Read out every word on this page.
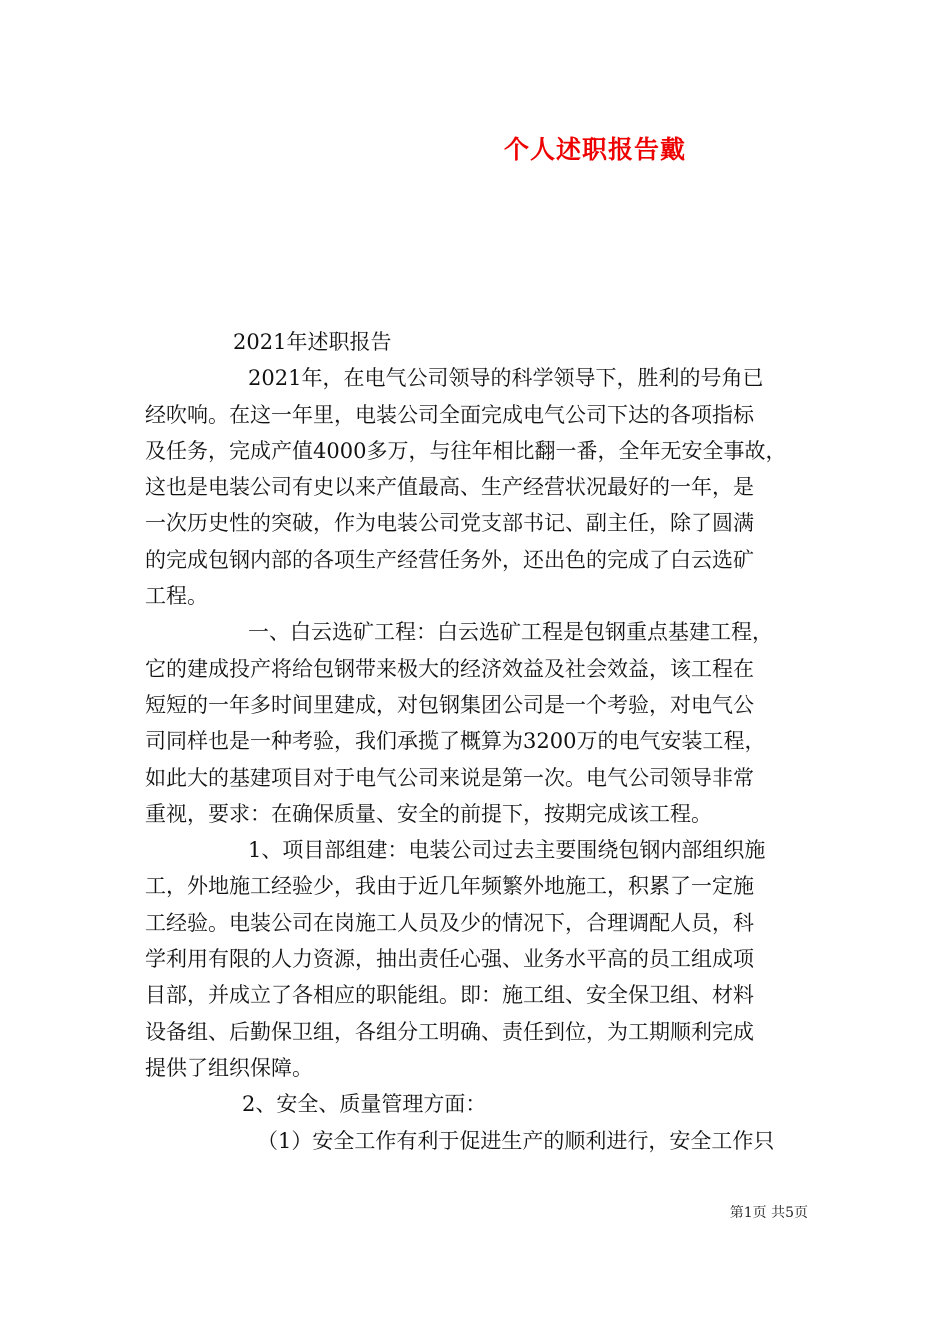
个人述职报告戴
2021年述职报告
2021年，在电气公司领导的科学领导下，胜利的号角已
经吹响。在这一年里，电装公司全面完成电气公司下达的各项指标
及任务，完成产值4000多万，与往年相比翻一番，全年无安全事故，
这也是电装公司有史以来产值最高、生产经营状况最好的一年，是
一次历史性的突破，作为电装公司党支部书记、副主任，除了圆满
的完成包钢内部的各项生产经营任务外，还出色的完成了白云选矿
工程。
一、白云选矿工程：白云选矿工程是包钢重点基建工程，
它的建成投产将给包钢带来极大的经济效益及社会效益，该工程在
短短的一年多时间里建成，对包钢集团公司是一个考验，对电气公
司同样也是一种考验，我们承揽了概算为3200万的电气安装工程，
如此大的基建项目对于电气公司来说是第一次。电气公司领导非常
重视，要求：在确保质量、安全的前提下，按期完成该工程。
1、项目部组建：电装公司过去主要围绕包钢内部组织施
工，外地施工经验少，我由于近几年频繁外地施工，积累了一定施
工经验。电装公司在岗施工人员及少的情况下，合理调配人员，科
学利用有限的人力资源，抽出责任心强、业务水平高的员工组成项
目部，并成立了各相应的职能组。即：施工组、安全保卫组、材料
设备组、后勤保卫组，各组分工明确、责任到位，为工期顺利完成
提供了组织保障。
2、安全、质量管理方面：
（1）安全工作有利于促进生产的顺利进行，安全工作只
第1页 共5页
